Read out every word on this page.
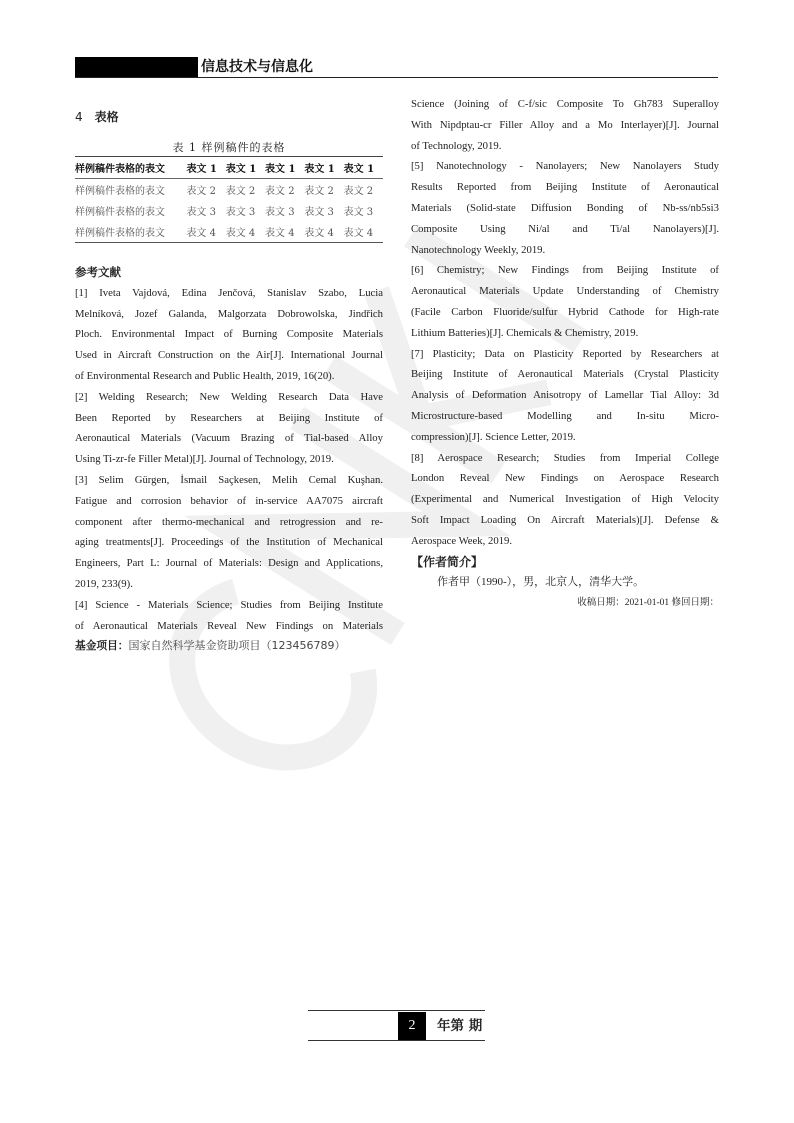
信息技术与信息化
4 表格
表 1 样例稿件的表格
样例稿件表格的表文	表文 1	表文 1	表文 1	表文 1	表文 1
样例稿件表格的表文	表文 2	表文 2	表文 2	表文 2	表文 2
样例稿件表格的表文	表文 3	表文 3	表文 3	表文 3	表文 3
样例稿件表格的表文	表文 4	表文 4	表文 4	表文 4	表文 4
参考文献
[1] Iveta Vajdová, Edina Jenčová, Stanislav Szabo, Lucia
Melníková, Jozef Galanda, Malgorzata Dobrowolska, Jindřich
Ploch. Environmental Impact of Burning Composite Materials
Used in Aircraft Construction on the Air[J]. International Journal
of Environmental Research and Public Health, 2019, 16(20).
[2] Welding Research; New Welding Research Data Have
Been Reported by Researchers at Beijing Institute of
Aeronautical Materials (Vacuum Brazing of Tial-based Alloy
Using Ti-zr-fe Filler Metal)[J]. Journal of Technology, 2019.
[3] Selim Gürgen, İsmail Saçkesen, Melih Cemal Kuşhan.
Fatigue and corrosion behavior of in-service AA7075 aircraft
component after thermo-mechanical and retrogression and re-
aging treatments[J]. Proceedings of the Institution of Mechanical
Engineers, Part L: Journal of Materials: Design and Applications,
2019, 233(9).
[4] Science - Materials Science; Studies from Beijing Institute
of Aeronautical Materials Reveal New Findings on Materials
基金项目：国家自然科学基金资助项目（123456789）
Science (Joining of C-f/sic Composite To Gh783 Superalloy
With Nipdptau-cr Filler Alloy and a Mo Interlayer)[J]. Journal
of Technology, 2019.
[5] Nanotechnology - Nanolayers; New Nanolayers Study
Results Reported from Beijing Institute of Aeronautical
Materials (Solid-state Diffusion Bonding of Nb-ss/nb5si3
Composite Using Ni/al and Ti/al Nanolayers)[J].
Nanotechnology Weekly, 2019.
[6] Chemistry; New Findings from Beijing Institute of
Aeronautical Materials Update Understanding of Chemistry
(Facile Carbon Fluoride/sulfur Hybrid Cathode for High-rate
Lithium Batteries)[J]. Chemicals & Chemistry, 2019.
[7] Plasticity; Data on Plasticity Reported by Researchers at
Beijing Institute of Aeronautical Materials (Crystal Plasticity
Analysis of Deformation Anisotropy of Lamellar Tial Alloy: 3d
Microstructure-based Modelling and In-situ Micro-
compression)[J]. Science Letter, 2019.
[8] Aerospace Research; Studies from Imperial College
London Reveal New Findings on Aerospace Research
(Experimental and Numerical Investigation of High Velocity
Soft Impact Loading On Aircraft Materials)[J]. Defense &
Aerospace Week, 2019.
【作者简介】
作者甲（1990-），男，北京人，清华大学。
收稿日期：2021-01-01 修回日期：
2	年第 期
